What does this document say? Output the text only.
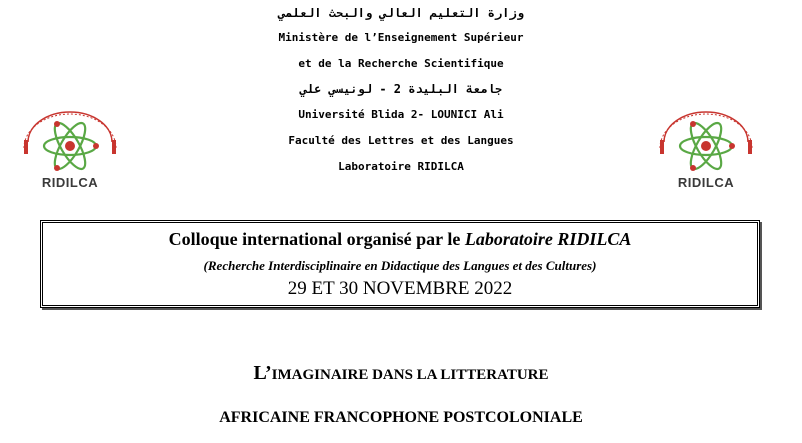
وزارة التعليم العالي والبحث العلمي
Ministère de l’Enseignement Supérieur
et de la Recherche Scientifique
جامعة البليدة 2 - لونيسي علي
Université Blida 2- LOUNICI Ali
Faculté des Lettres et des Langues
Laboratoire RIDILCA
RIDILCA	RIDILCA
Colloque international organisé par le Laboratoire RIDILCA
(Recherche Interdisciplinaire en Didactique des Langues et des Cultures)
29 ET 30 NOVEMBRE 2022
L’IMAGINAIRE DANS LA LITTERATURE
AFRICAINE FRANCOPHONE POSTCOLONIALE
